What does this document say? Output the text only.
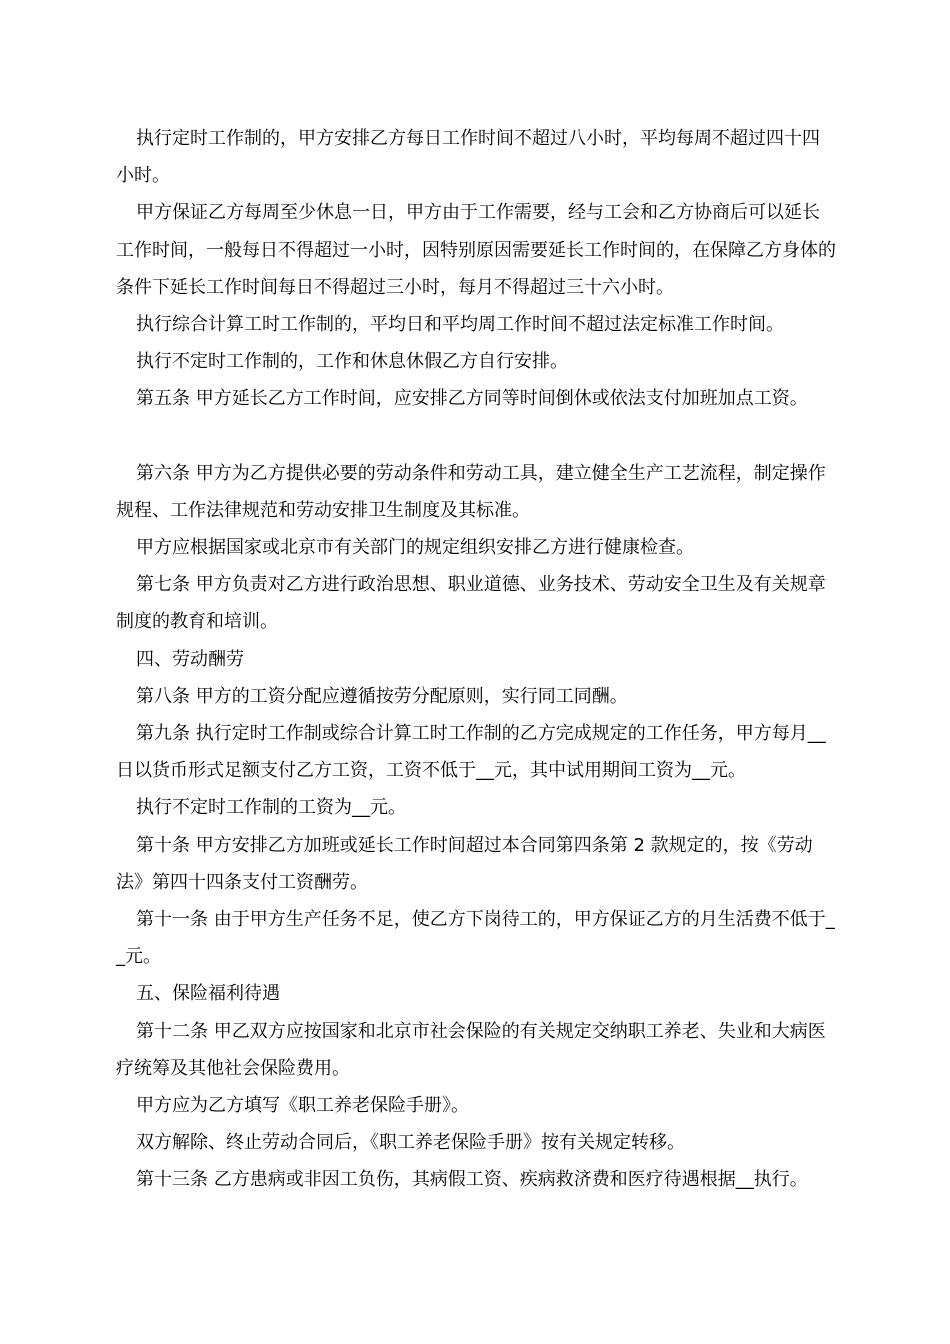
执行定时工作制的，甲方安排乙方每日工作时间不超过八小时，平均每周不超过四十四小时。

甲方保证乙方每周至少休息一日，甲方由于工作需要，经与工会和乙方协商后可以延长工作时间，一般每日不得超过一小时，因特别原因需要延长工作时间的，在保障乙方身体的条件下延长工作时间每日不得超过三小时，每月不得超过三十六小时。

执行综合计算工时工作制的，平均日和平均周工作时间不超过法定标准工作时间。

执行不定时工作制的，工作和休息休假乙方自行安排。

第五条 甲方延长乙方工作时间，应安排乙方同等时间倒休或依法支付加班加点工资。

第六条 甲方为乙方提供必要的劳动条件和劳动工具，建立健全生产工艺流程，制定操作规程、工作法律规范和劳动安排卫生制度及其标准。

甲方应根据国家或北京市有关部门的规定组织安排乙方进行健康检查。

第七条 甲方负责对乙方进行政治思想、职业道德、业务技术、劳动安全卫生及有关规章制度的教育和培训。

四、劳动酬劳

第八条 甲方的工资分配应遵循按劳分配原则，实行同工同酬。

第九条 执行定时工作制或综合计算工时工作制的乙方完成规定的工作任务，甲方每月__日以货币形式足额支付乙方工资，工资不低于__元，其中试用期间工资为__元。

执行不定时工作制的工资为__元。

第十条 甲方安排乙方加班或延长工作时间超过本合同第四条第 2 款规定的，按《劳动法》第四十四条支付工资酬劳。

第十一条 由于甲方生产任务不足，使乙方下岗待工的，甲方保证乙方的月生活费不低于__元。

五、保险福利待遇

第十二条 甲乙双方应按国家和北京市社会保险的有关规定交纳职工养老、失业和大病医疗统筹及其他社会保险费用。

甲方应为乙方填写《职工养老保险手册》。

双方解除、终止劳动合同后，《职工养老保险手册》按有关规定转移。

第十三条 乙方患病或非因工负伤，其病假工资、疾病救济费和医疗待遇根据__执行。
